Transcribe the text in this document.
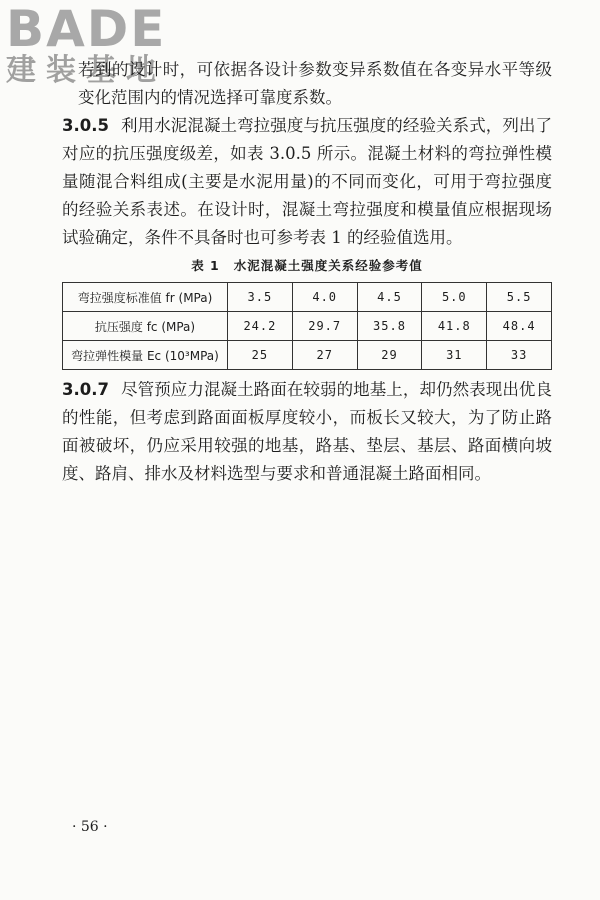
BADE
建装基地

若到的设计时，可依据各设计参数变异系数值在各变异水平等级变化范围内的情况选择可靠度系数。

3.0.5 利用水泥混凝土弯拉强度与抗压强度的经验关系式，列出了对应的抗压强度级差，如表 3.0.5 所示。混凝土材料的弯拉弹性模量随混合料组成(主要是水泥用量)的不同而变化，可用于弯拉强度的经验关系表述。在设计时，混凝土弯拉强度和模量值应根据现场试验确定，条件不具备时也可参考表 1 的经验值选用。

表 1 水泥混凝土强度关系经验参考值
弯拉强度标准值 fr (MPa)	3.5	4.0	4.5	5.0	5.5
抗压强度 fc (MPa)	24.2	29.7	35.8	41.8	48.4
弯拉弹性模量 Ec (10³MPa)	25	27	29	31	33

3.0.7 尽管预应力混凝土路面在较弱的地基上，却仍然表现出优良的性能，但考虑到路面面板厚度较小，而板长又较大，为了防止路面被破坏，仍应采用较强的地基，路基、垫层、基层、路面横向坡度、路肩、排水及材料选型与要求和普通混凝土路面相同。

· 56 ·
